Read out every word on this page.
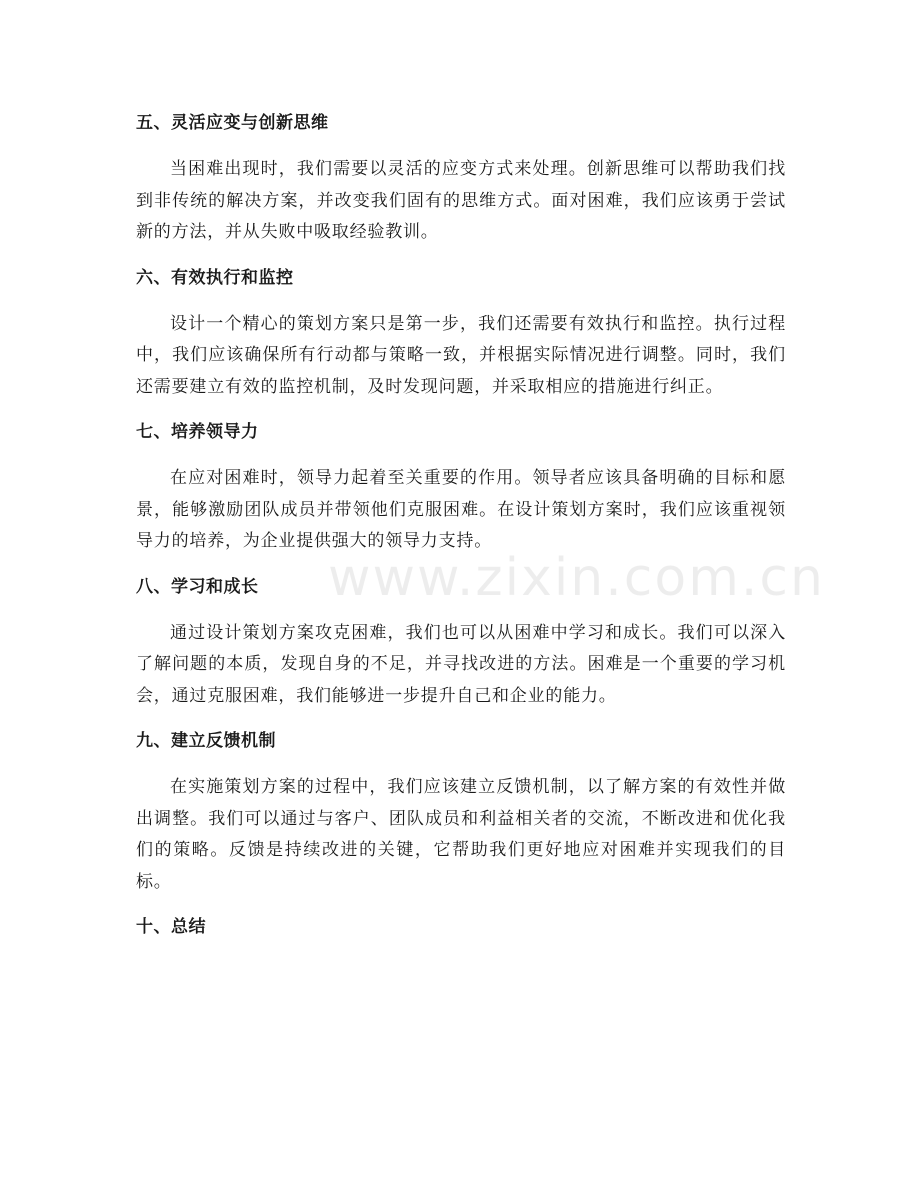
五、灵活应变与创新思维

当困难出现时，我们需要以灵活的应变方式来处理。创新思维可以帮助我们找到非传统的解决方案，并改变我们固有的思维方式。面对困难，我们应该勇于尝试新的方法，并从失败中吸取经验教训。

六、有效执行和监控

设计一个精心的策划方案只是第一步，我们还需要有效执行和监控。执行过程中，我们应该确保所有行动都与策略一致，并根据实际情况进行调整。同时，我们还需要建立有效的监控机制，及时发现问题，并采取相应的措施进行纠正。

七、培养领导力

在应对困难时，领导力起着至关重要的作用。领导者应该具备明确的目标和愿景，能够激励团队成员并带领他们克服困难。在设计策划方案时，我们应该重视领导力的培养，为企业提供强大的领导力支持。

八、学习和成长

通过设计策划方案攻克困难，我们也可以从困难中学习和成长。我们可以深入了解问题的本质，发现自身的不足，并寻找改进的方法。困难是一个重要的学习机会，通过克服困难，我们能够进一步提升自己和企业的能力。

九、建立反馈机制

在实施策划方案的过程中，我们应该建立反馈机制，以了解方案的有效性并做出调整。我们可以通过与客户、团队成员和利益相关者的交流，不断改进和优化我们的策略。反馈是持续改进的关键，它帮助我们更好地应对困难并实现我们的目标。

十、总结
www.zixin.com.cn
